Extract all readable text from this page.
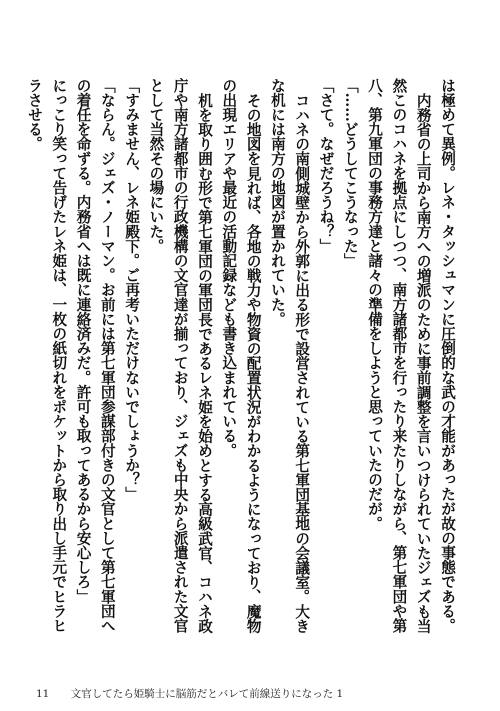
は極めて異例。レネ・タッシュマンに圧倒的な武の才能があったが故の事態である。

内務省の上司から南方への増派のために事前調整を言いつけられていたジェズも当然このコハネを拠点にしつつ、南方諸都市を行ったり来たりしながら、第七軍団や第八、第九軍団の事務方達と諸々の準備をしようと思っていたのだが。

「……どうしてこうなった」

「さて。なぜだろうね？」

コハネの南側城壁から外郭に出る形で設営されている第七軍団基地の会議室。大きな机には南方の地図が置かれていた。

その地図を見れば、各地の戦力や物資の配置状況がわかるようになっており、魔物の出現エリアや最近の活動記録なども書き込まれている。

机を取り囲む形で第七軍団の軍団長であるレネ姫を始めとする高級武官、コハネ政庁や南方諸都市の行政機構の文官達が揃っており、ジェズも中央から派遣された文官として当然その場にいた。

「すみません、レネ姫殿下。ご再考いただけないでしょうか？」

「ならん。ジェズ・ノーマン。お前には第七軍団参謀部付きの文官として第七軍団への着任を命ずる。内務省へは既に連絡済みだ。許可も取ってあるから安心しろ」

にっこり笑って告げたレネ姫は、一枚の紙切れをポケットから取り出し手元でヒラヒラさせる。

11 文官してたら姫騎士に脳筋だとバレて前線送りになった 1
